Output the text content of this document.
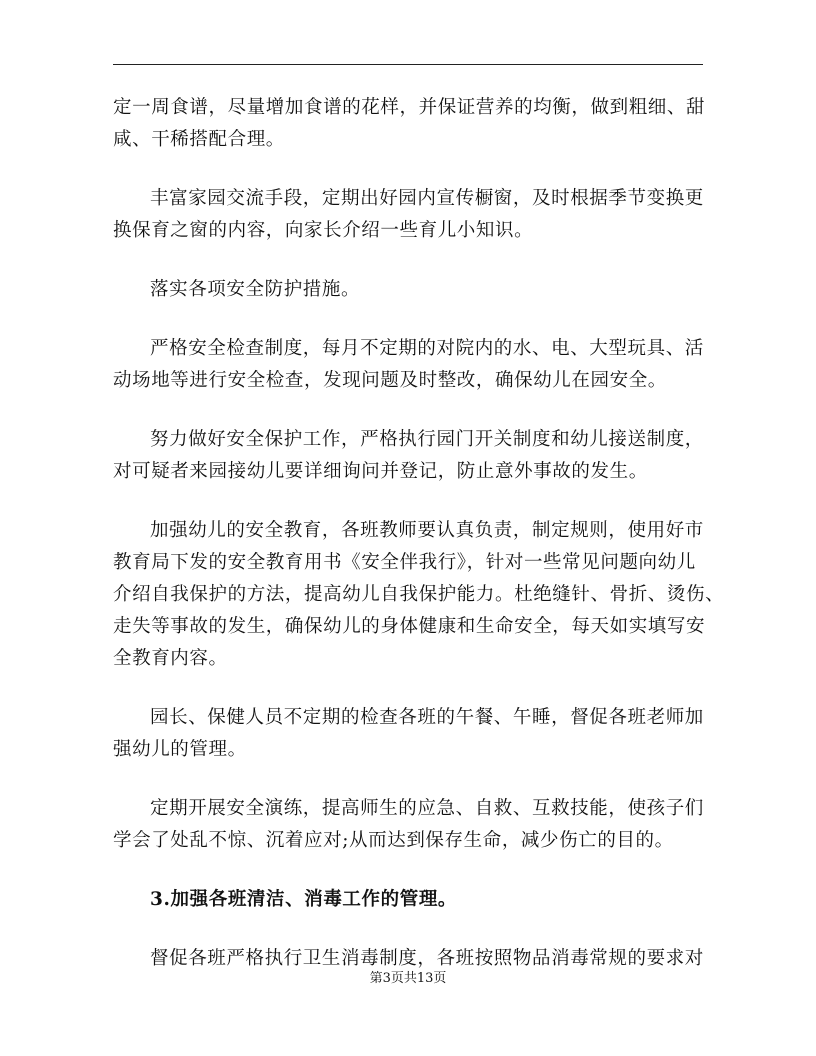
定一周食谱，尽量增加食谱的花样，并保证营养的均衡，做到粗细、甜
咸、干稀搭配合理。
丰富家园交流手段，定期出好园内宣传橱窗，及时根据季节变换更
换保育之窗的内容，向家长介绍一些育儿小知识。
落实各项安全防护措施。
严格安全检查制度，每月不定期的对院内的水、电、大型玩具、活
动场地等进行安全检查，发现问题及时整改，确保幼儿在园安全。
努力做好安全保护工作，严格执行园门开关制度和幼儿接送制度，
对可疑者来园接幼儿要详细询问并登记，防止意外事故的发生。
加强幼儿的安全教育，各班教师要认真负责，制定规则，使用好市
教育局下发的安全教育用书《安全伴我行》，针对一些常见问题向幼儿
介绍自我保护的方法，提高幼儿自我保护能力。杜绝缝针、骨折、烫伤、
走失等事故的发生，确保幼儿的身体健康和生命安全，每天如实填写安
全教育内容。
园长、保健人员不定期的检查各班的午餐、午睡，督促各班老师加
强幼儿的管理。
定期开展安全演练，提高师生的应急、自救、互救技能，使孩子们
学会了处乱不惊、沉着应对;从而达到保存生命，减少伤亡的目的。
3.加强各班清洁、消毒工作的管理。
督促各班严格执行卫生消毒制度，各班按照物品消毒常规的要求对
第3页共13页
